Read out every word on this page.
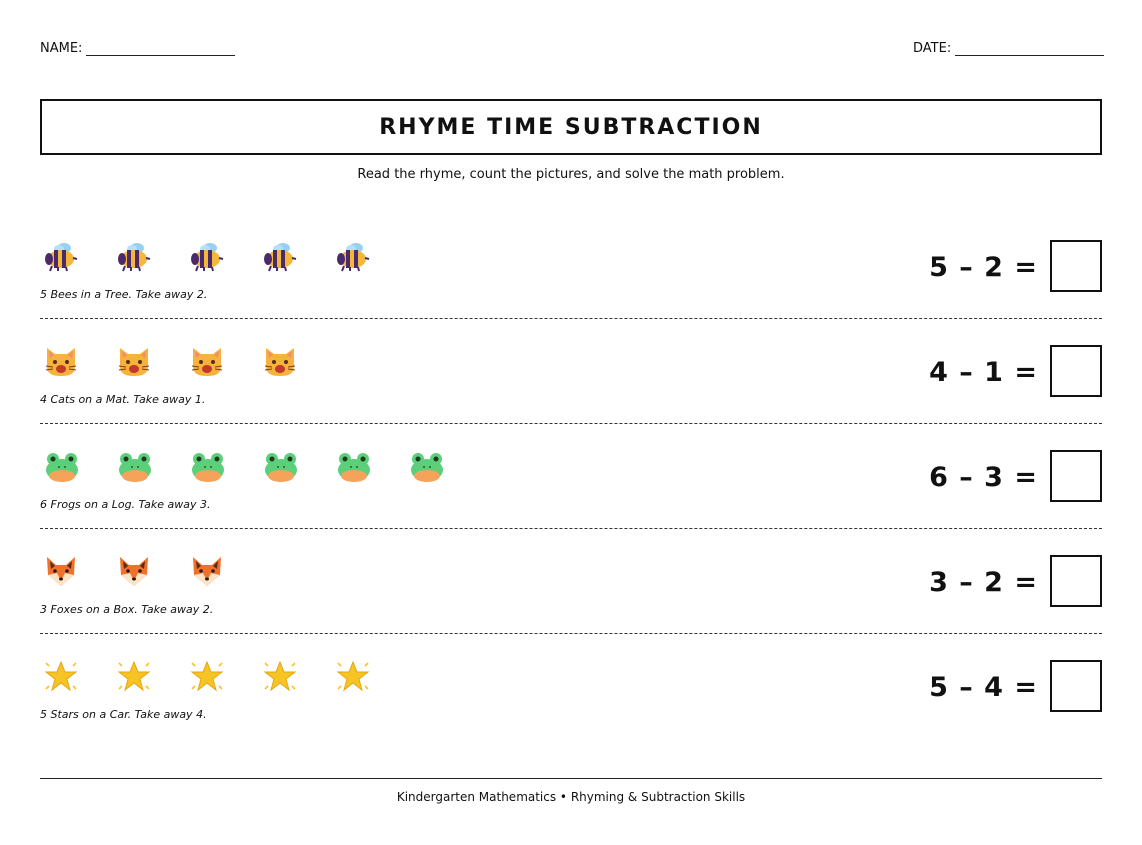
NAME:	DATE:
RHYME TIME SUBTRACTION
Read the rhyme, count the pictures, and solve the math problem.
5 Bees in a Tree. Take away 2.
5 – 2 =
4 Cats on a Mat. Take away 1.
4 – 1 =
6 Frogs on a Log. Take away 3.
6 – 3 =
3 Foxes on a Box. Take away 2.
3 – 2 =
5 Stars on a Car. Take away 4.
5 – 4 =
Kindergarten Mathematics • Rhyming & Subtraction Skills
